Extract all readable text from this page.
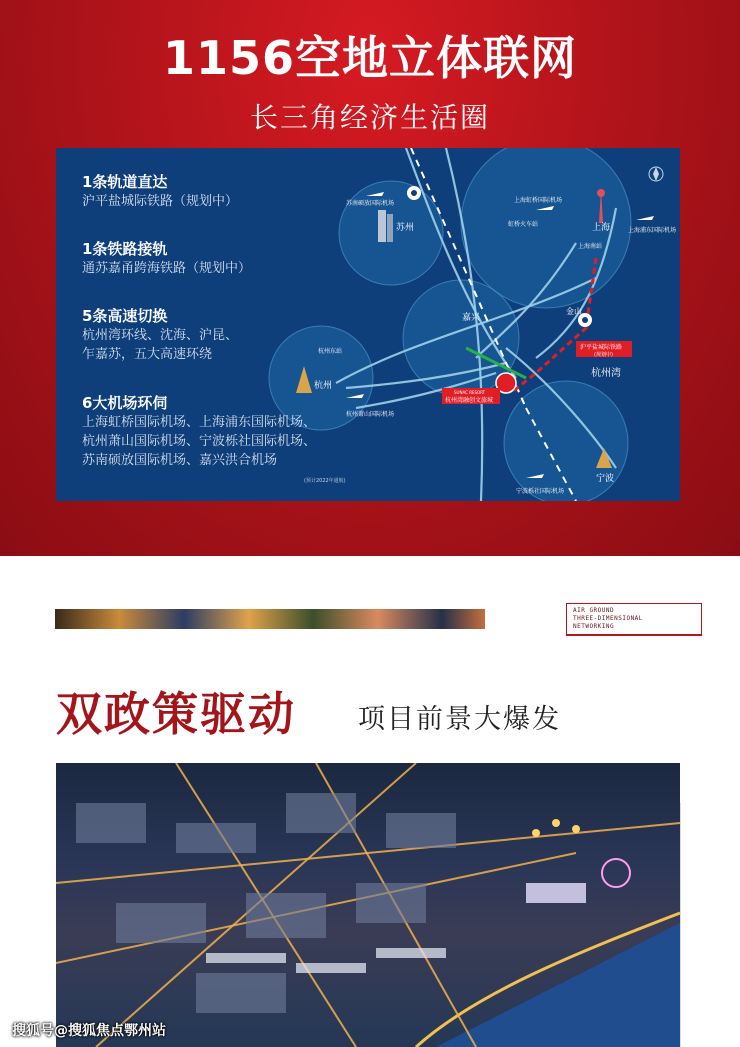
1156空地立体联网
长三角经济生活圈
苏州
苏南硕放国际机场
上海
上海虹桥国际机场
虹桥火车站
上海浦东国际机场
上海南站
嘉兴
金山
杭州
杭州东站
杭州萧山国际机场
杭州湾
宁波
宁波栎社国际机场
(预计2022年通航)
沪平盐城际铁路
(规划中)
SUNAC RESORT
杭州湾融创文旅城
1条轨道直达
沪平盐城际铁路（规划中）
1条铁路接轨
通苏嘉甬跨海铁路（规划中）
5条高速切换
杭州湾环线、沈海、沪昆、
乍嘉苏，五大高速环绕
6大机场环伺
上海虹桥国际机场、上海浦东国际机场、
杭州萧山国际机场、宁波栎社国际机场、
苏南硕放国际机场、嘉兴洪合机场
AIR GROUND
THREE-DIMENSIONAL
NETWORKING
双政策驱动 项目前景大爆发
搜狐号@搜狐焦点鄂州站
